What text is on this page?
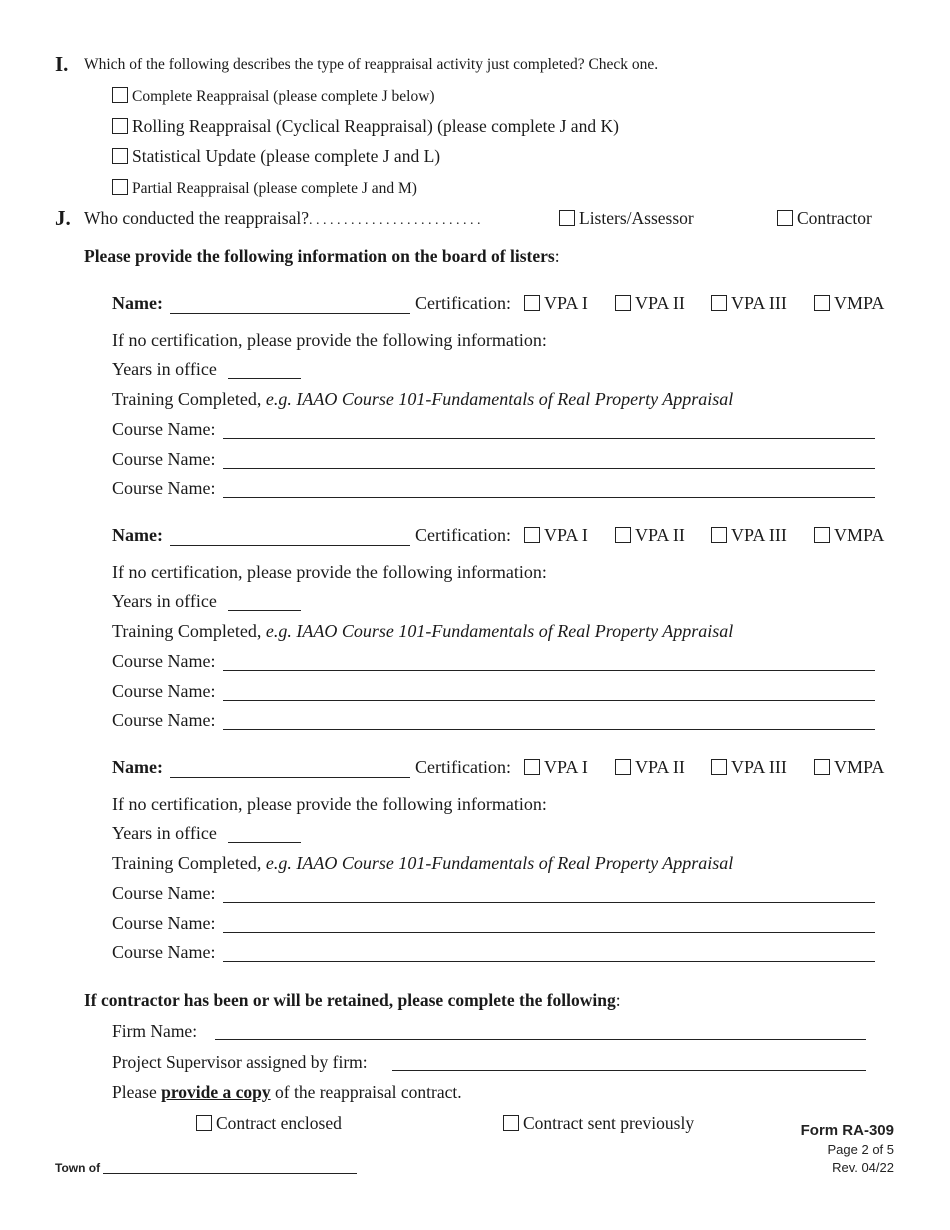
I. Which of the following describes the type of reappraisal activity just completed? Check one.
Complete Reappraisal (please complete J below)
Rolling Reappraisal (Cyclical Reappraisal) (please complete J and K)
Statistical Update (please complete J and L)
Partial Reappraisal (please complete J and M)
J. Who conducted the reappraisal?. . . . . . . . . . . . . . . . . . . . . . . . .	Listers/Assessor	Contractor
Please provide the following information on the board of listers:
Name:	Certification:	VPA I	VPA II	VPA III	VMPA
If no certification, please provide the following information:
Years in office
Training Completed, e.g. IAAO Course 101-Fundamentals of Real Property Appraisal
Course Name:
Course Name:
Course Name:
Name:	Certification:	VPA I	VPA II	VPA III	VMPA
If no certification, please provide the following information:
Years in office
Training Completed, e.g. IAAO Course 101-Fundamentals of Real Property Appraisal
Course Name:
Course Name:
Course Name:
Name:	Certification:	VPA I	VPA II	VPA III	VMPA
If no certification, please provide the following information:
Years in office
Training Completed, e.g. IAAO Course 101-Fundamentals of Real Property Appraisal
Course Name:
Course Name:
Course Name:
If contractor has been or will be retained, please complete the following:
Firm Name:
Project Supervisor assigned by firm:
Please provide a copy of the reappraisal contract.
Contract enclosed	Contract sent previously
Town of
Form RA-309
Page 2 of 5
Rev. 04/22
